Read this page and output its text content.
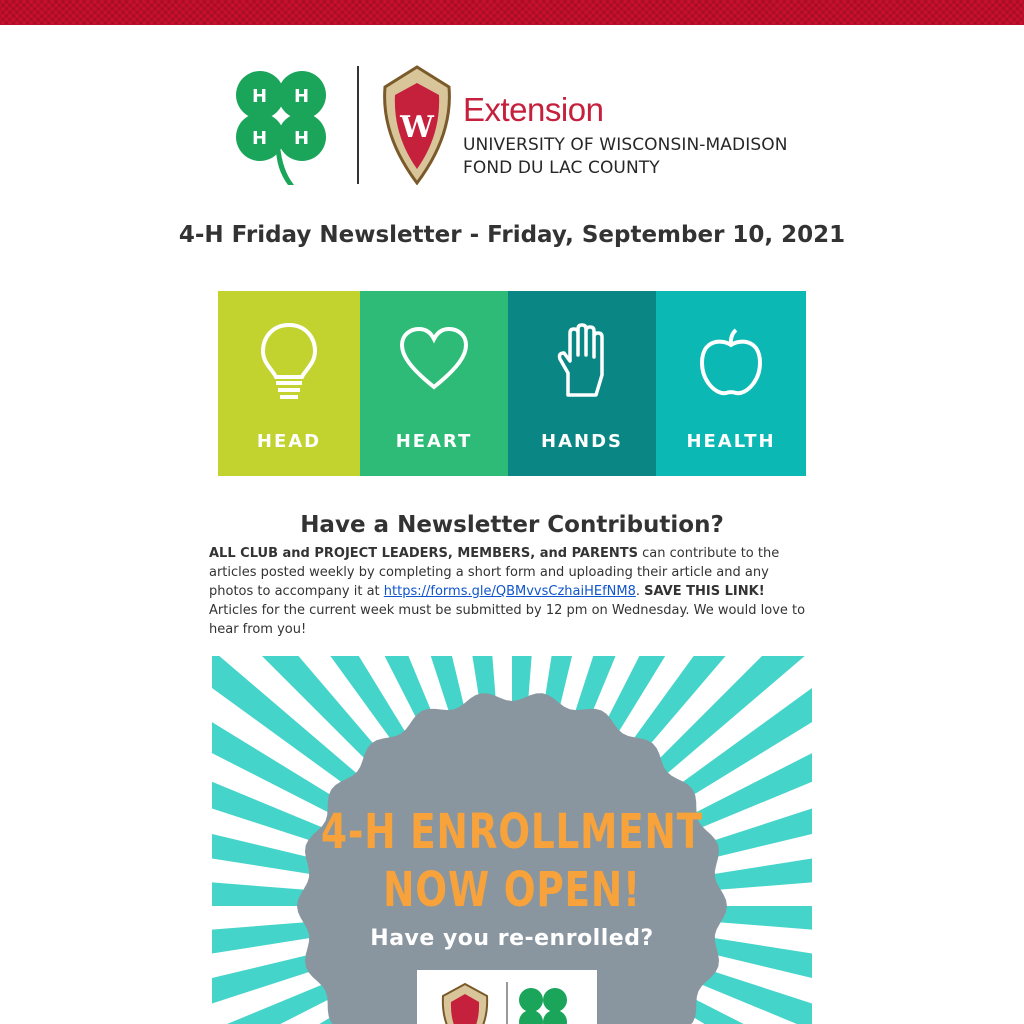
H H
H H	W Extension
UNIVERSITY OF WISCONSIN-MADISON
FOND DU LAC COUNTY
4-H Friday Newsletter - Friday, September 10, 2021
HEAD	HEART	HANDS	HEALTH
Have a Newsletter Contribution?
ALL CLUB and PROJECT LEADERS, MEMBERS, and PARENTS can contribute to the articles posted weekly by completing a short form and uploading their article and any photos to accompany it at https://forms.gle/QBMvvsCzhaiHEfNM8. SAVE THIS LINK! Articles for the current week must be submitted by 12 pm on Wednesday. We would love to hear from you!
4-H ENROLLMENT
NOW OPEN!
Have you re-enrolled?
